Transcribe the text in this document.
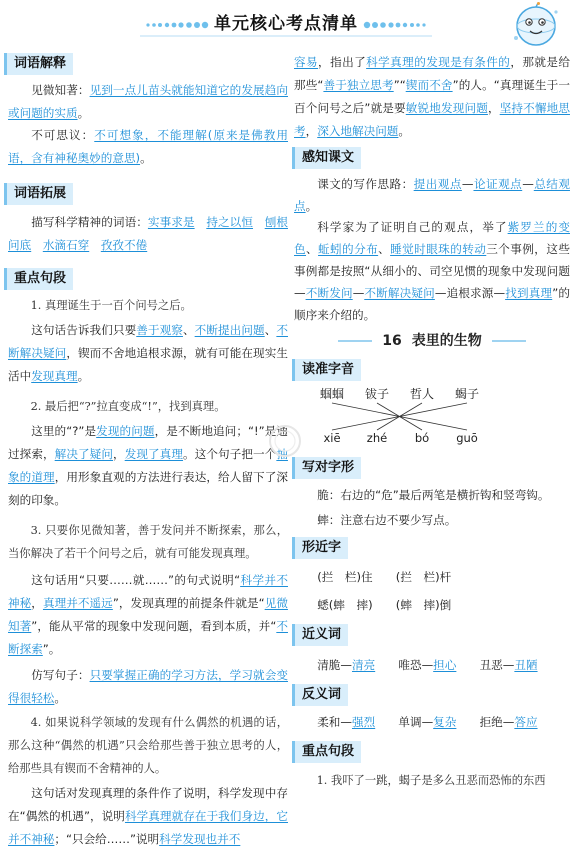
单元核心考点清单
词语解释

见微知著：见到一点儿苗头就能知道它的发展趋向或问题的实质。

不可思议：不可想象，不能理解(原来是佛教用语，含有神秘奥妙的意思)。

词语拓展

描写科学精神的词语：实事求是　 持之以恒　 刨根问底　 水滴石穿　 孜孜不倦

重点句段

1. 真理诞生于一百个问号之后。

这句话告诉我们只要善于观察、不断提出问题、不断解决疑问，锲而不舍地追根求源，就有可能在现实生活中发现真理。

2. 最后把“?”拉直变成“!”，找到真理。

这里的“?”是发现的问题，是不断地追问；“!”是通过探索，解决了疑问，发现了真理。这个句子把一个抽象的道理，用形象直观的方法进行表达，给人留下了深刻的印象。

3. 只要你见微知著，善于发问并不断探索，那么，当你解决了若干个问号之后，就有可能发现真理。

这句话用“只要……就……”的句式说明“科学并不神秘，真理并不遥远”，发现真理的前提条件就是“见微知著”，能从平常的现象中发现问题，看到本质，并“不断探索”。

仿写句子：只要掌握正确的学习方法，学习就会变得很轻松。

4. 如果说科学领域的发现有什么偶然的机遇的话，那么这种“偶然的机遇”只会给那些善于独立思考的人，给那些具有锲而不舍精神的人。

这句话对发现真理的条件作了说明，科学发现中存在“偶然的机遇”，说明科学真理就存在于我们身边，它并不神秘；“只会给……”说明科学发现也并不

容易，指出了科学真理的发现是有条件的，那就是给那些“善于独立思考”“锲而不舍”的人。“真理诞生于一百个问号之后”就是要敏锐地发现问题，坚持不懈地思考，深入地解决问题。

感知课文

课文的写作思路：提出观点—论证观点—总结观点。

科学家为了证明自己的观点，举了紫罗兰的变色、蚯蚓的分布、睡觉时眼珠的转动三个事例，这些事例都是按照“从细小的、司空见惯的现象中发现问题—不断发问—不断解决疑问—追根求源—找到真理”的顺序来介绍的。

16 表里的生物
读准字音
蝈蝈 钹子 哲人 蝎子
xiē zhé bó guō
写对字形

脆：右边的“危”最后两笔是横折钩和竖弯钩。

蟀：注意右边不要少写点。

形近字

(拦　栏)住　　(拦　栏)杆

蟋(蟀　摔)　　(蟀　摔)倒

近义词

清脆—清亮　　唯恐—担心　　丑恶—丑陋

反义词

柔和—强烈　　单调—复杂　　拒绝—答应

重点句段

1. 我吓了一跳，蝎子是多么丑恶而恐怖的东西
